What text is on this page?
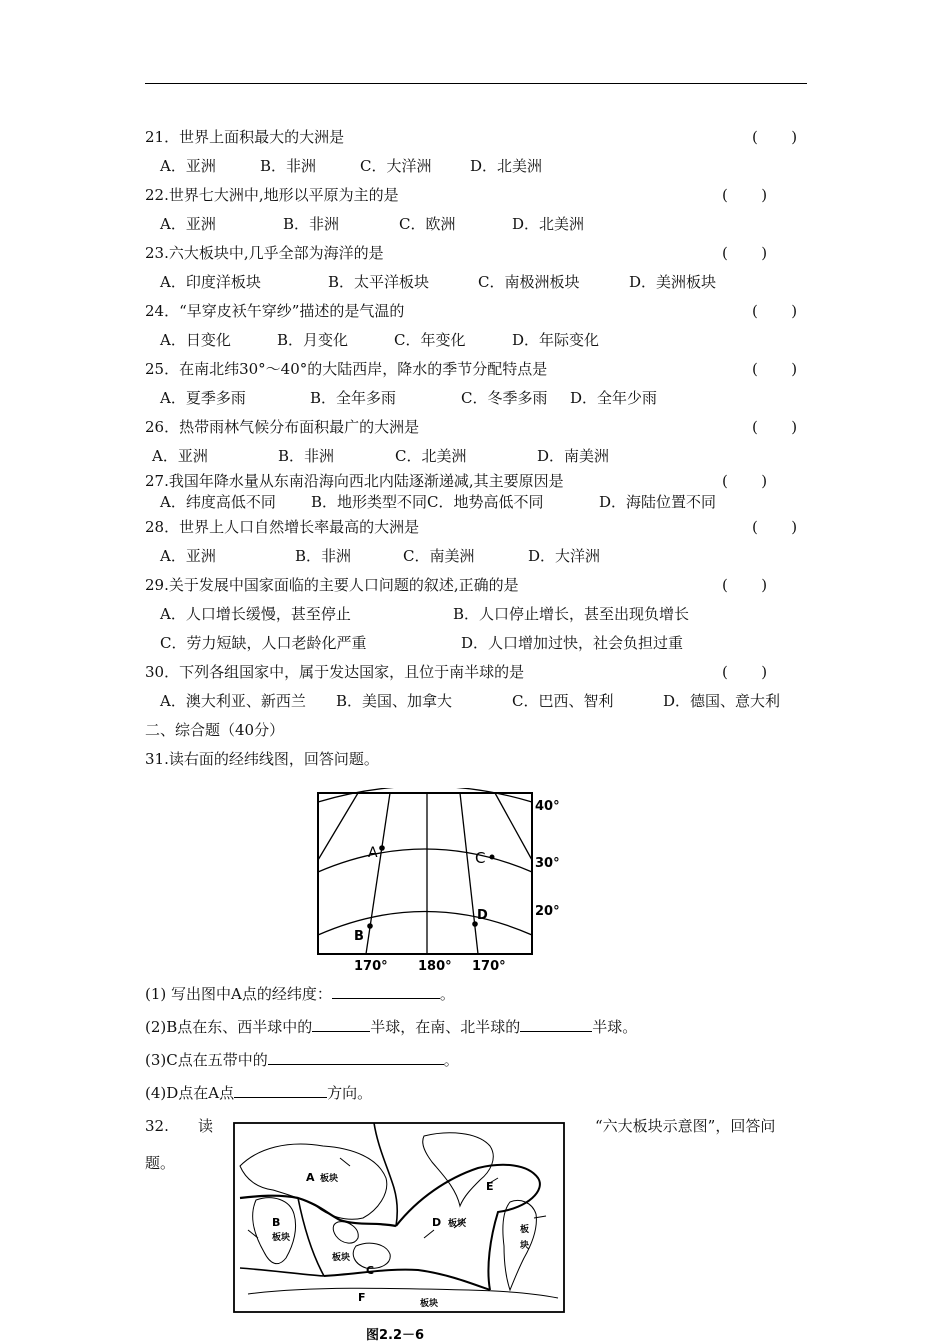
21．世界上面积最大的大洲是	(       )
A．亚洲	B．非洲	C．大洋洲	D．北美洲
22.世界七大洲中,地形以平原为主的是	(       )
A．亚洲	B．非洲	C．欧洲	D．北美洲
23.六大板块中,几乎全部为海洋的是	(       )
A．印度洋板块	B．太平洋板块	C．南极洲板块	D．美洲板块
24．“早穿皮袄午穿纱”描述的是气温的	(       )
A．日变化	B．月变化	C．年变化	D．年际变化
25．在南北纬30°～40°的大陆西岸，降水的季节分配特点是	(       )
A．夏季多雨	B．全年多雨	C．冬季多雨 D．全年少雨
26．热带雨林气候分布面积最广的大洲是	(       )
A．亚洲	B．非洲	C．北美洲	D．南美洲
27.我国年降水量从东南沿海向西北内陆逐渐递减,其主要原因是	(       )
A．纬度高低不同 B．地形类型不同C．地势高低不同	D．海陆位置不同
28．世界上人口自然增长率最高的大洲是	(       )
A．亚洲	B．非洲	C．南美洲	D．大洋洲
29.关于发展中国家面临的主要人口问题的叙述,正确的是	(       )
A．人口增长缓慢，甚至停止	B．人口停止增长，甚至出现负增长
C．劳力短缺，人口老龄化严重	D．人口增加过快，社会负担过重
30．下列各组国家中，属于发达国家，且位于南半球的是	(       )
A．澳大利亚、新西兰 B．美国、加拿大	C．巴西、智利	D．德国、意大利
二、综合题（40分）
31.读右面的经纬线图，回答问题。
A
B
C
D
40°
30°
20°
170° 180° 170°
(1) 写出图中A点的经纬度：	。
(2)B点在东、西半球中的	半球，在南、北半球的	半球。
(3)C点在五带中的	。
(4)D点在A点	方向。
32. 读	“六大板块示意图”，回答问
题。
A 板块
B
板块
板块
C
D 板块
E
板
块
F	板块
图2.2－6
